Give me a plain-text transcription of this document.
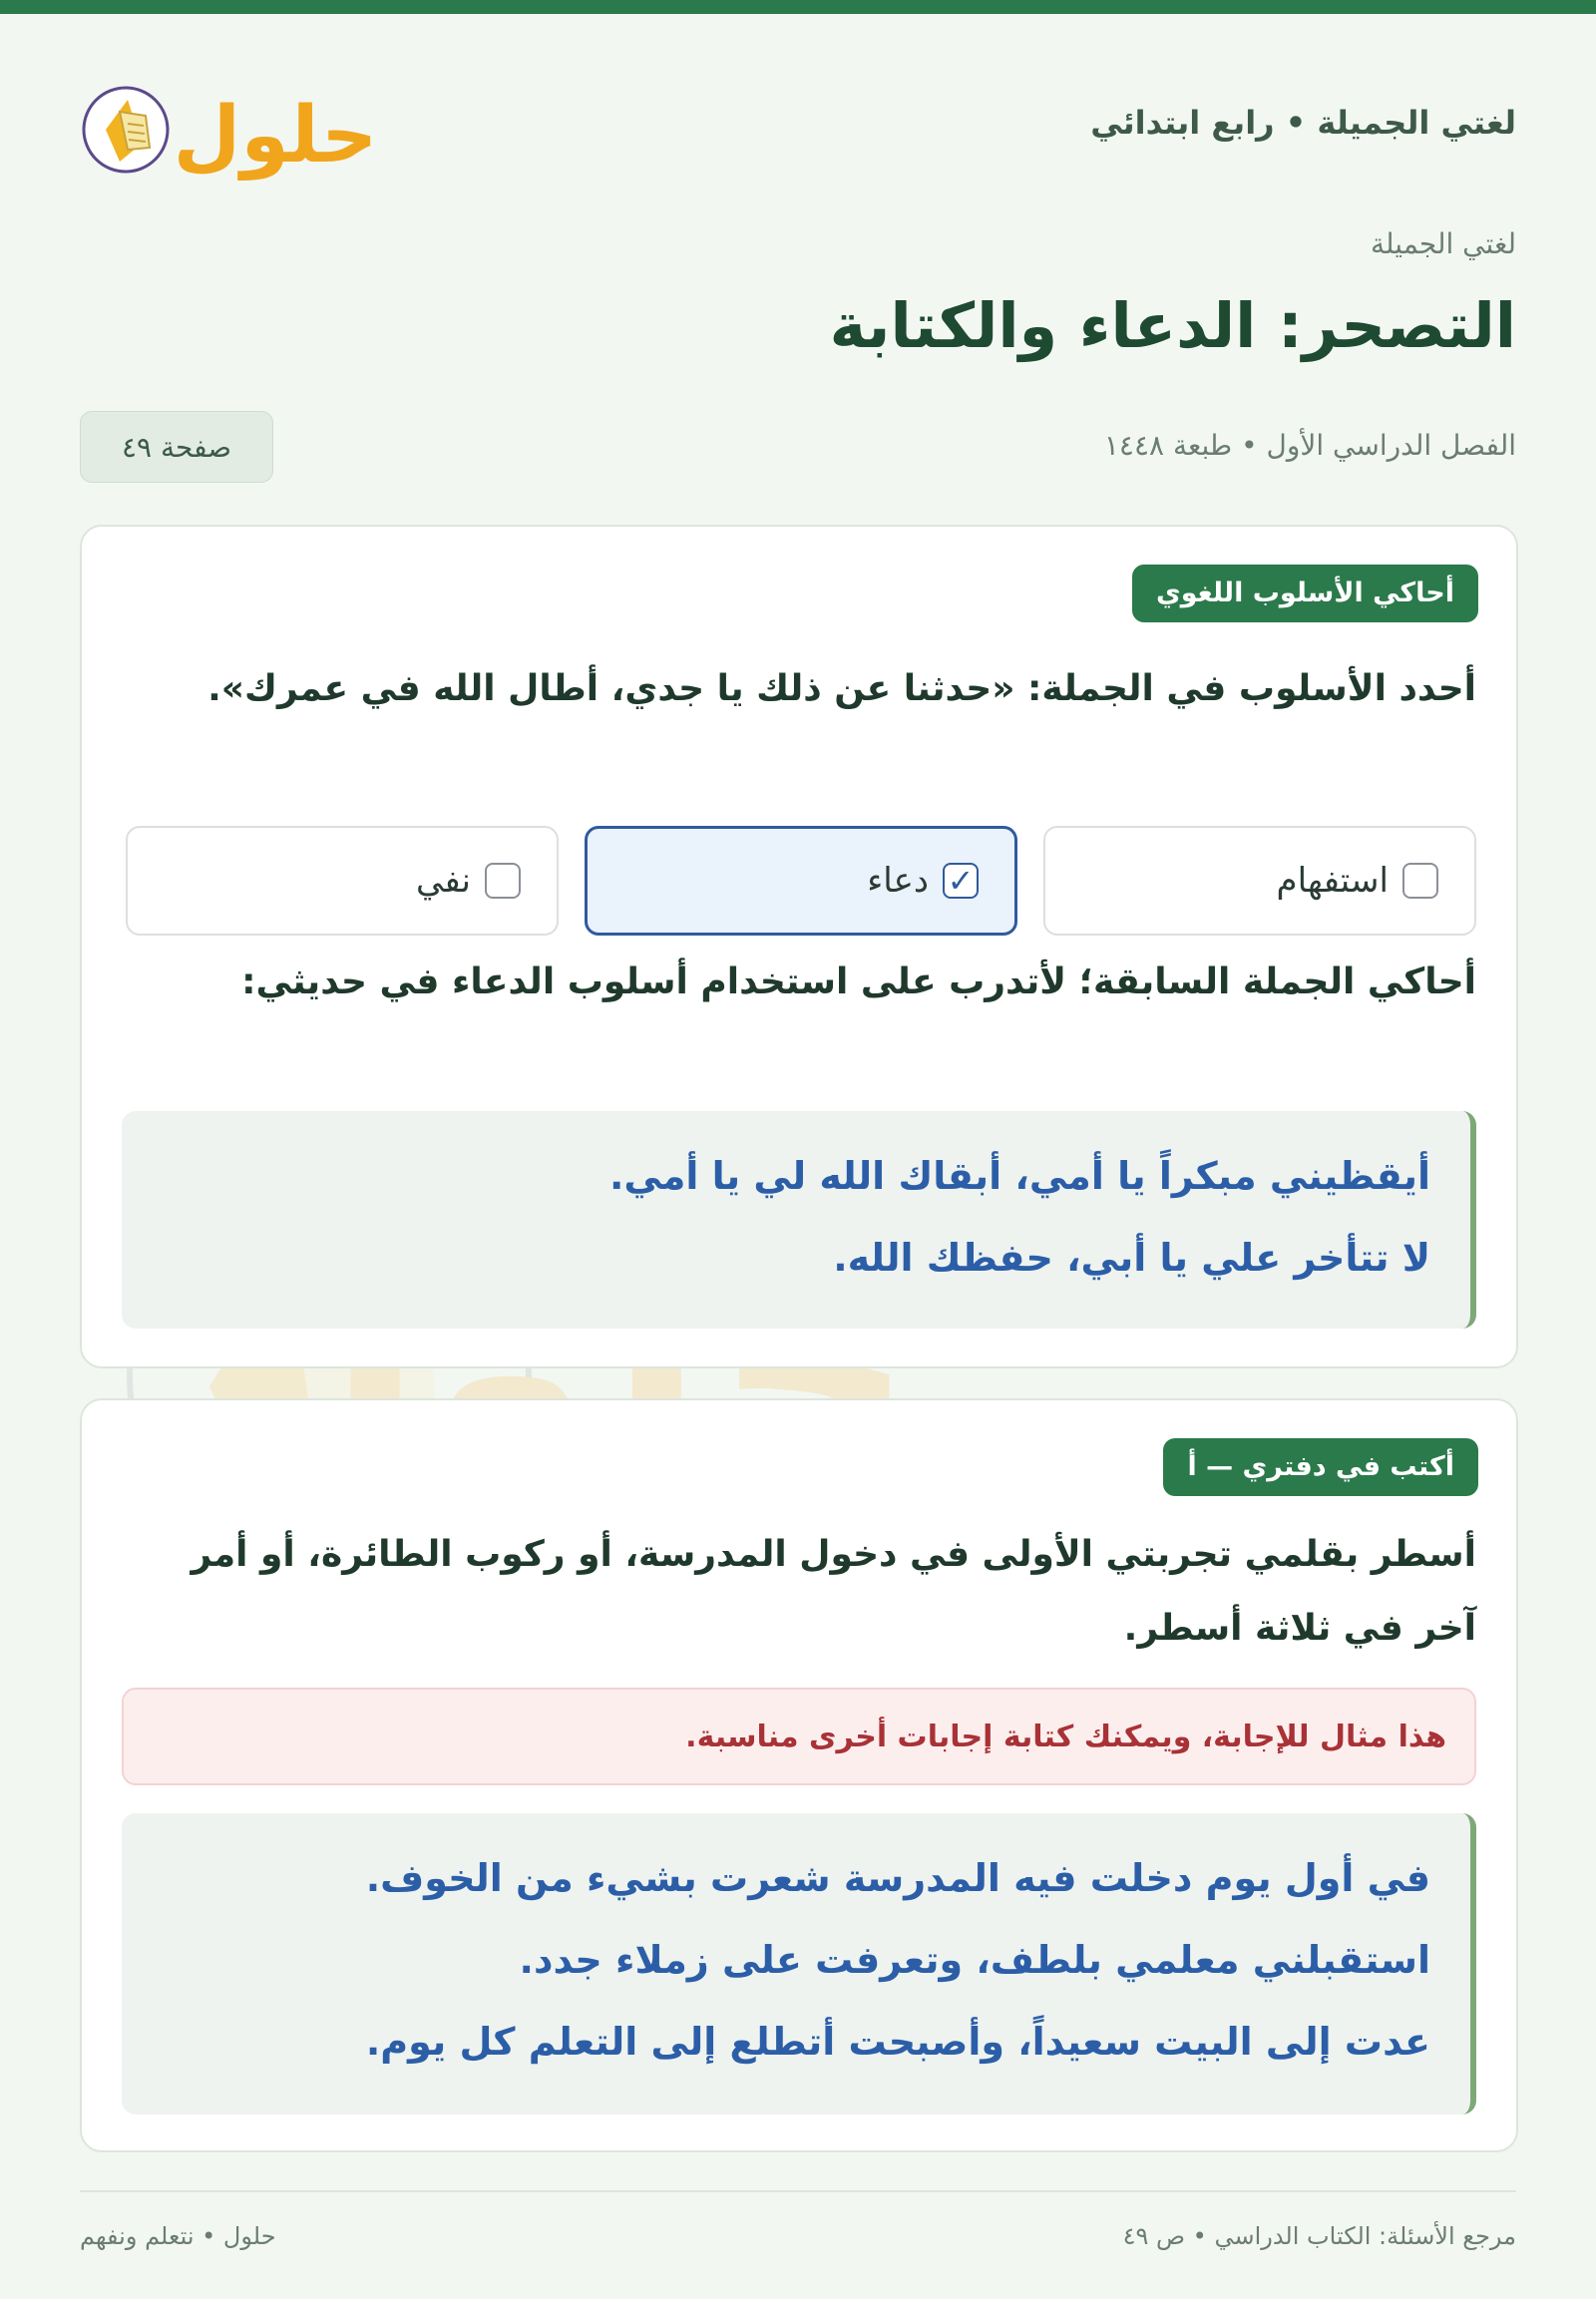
لغتي الجميلة • رابع ابتدائي
حلول
لغتي الجميلة
التصحر: الدعاء والكتابة
الفصل الدراسي الأول • طبعة ١٤٤٨
صفحة ٤٩
حلول
أحاكي الأسلوب اللغوي
أحدد الأسلوب في الجملة: «حدثنا عن ذلك يا جدي، أطال الله في عمرك».
استفهام
✓
دعاء
نفي
أحاكي الجملة السابقة؛ لأتدرب على استخدام أسلوب الدعاء في حديثي:
أيقظيني مبكراً يا أمي، أبقاك الله لي يا أمي.
لا تتأخر علي يا أبي، حفظك الله.
أكتب في دفتري — أ
أسطر بقلمي تجربتي الأولى في دخول المدرسة، أو ركوب الطائرة، أو أمر آخر في ثلاثة أسطر.
هذا مثال للإجابة، ويمكنك كتابة إجابات أخرى مناسبة.
في أول يوم دخلت فيه المدرسة شعرت بشيء من الخوف.
استقبلني معلمي بلطف، وتعرفت على زملاء جدد.
عدت إلى البيت سعيداً، وأصبحت أتطلع إلى التعلم كل يوم.
مرجع الأسئلة: الكتاب الدراسي • ص ٤٩
حلول • نتعلم ونفهم
